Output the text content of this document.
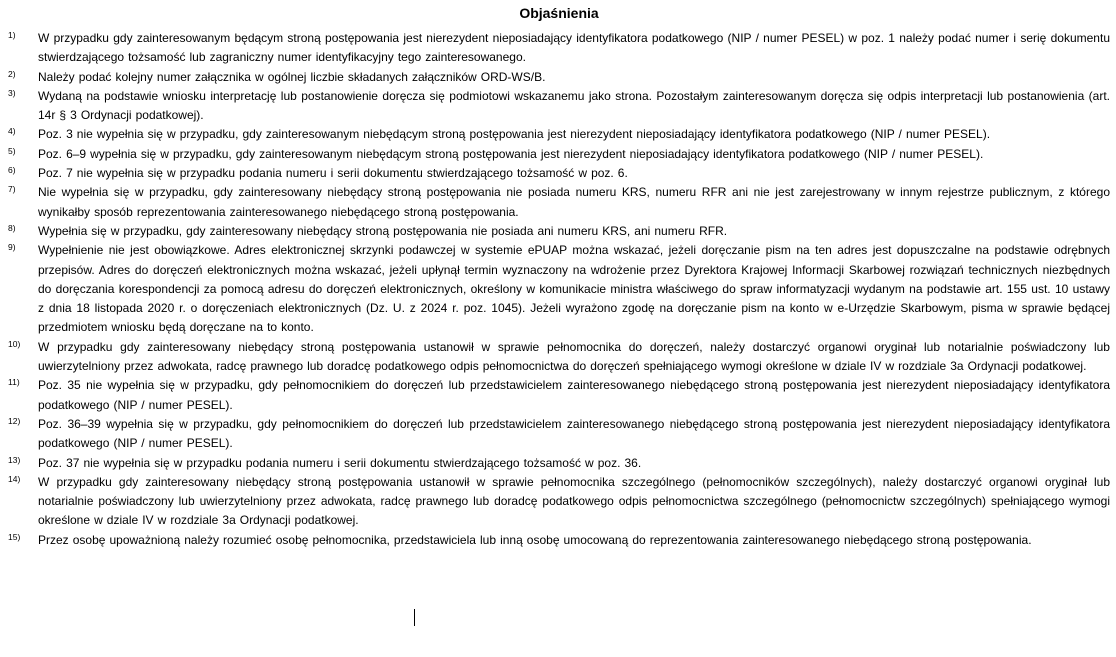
Objaśnienia
1)	W przypadku gdy zainteresowanym będącym stroną postępowania jest nierezydent nieposiadający identyfikatora podatkowego (NIP / numer PESEL) w poz. 1 należy podać numer i serię dokumentu stwierdzającego tożsamość lub zagraniczny numer identyfikacyjny tego zainteresowanego.
2)	Należy podać kolejny numer załącznika w ogólnej liczbie składanych załączników ORD-WS/B.
3)	Wydaną na podstawie wniosku interpretację lub postanowienie doręcza się podmiotowi wskazanemu jako strona. Pozostałym zainteresowanym doręcza się odpis interpretacji lub postanowienia (art. 14r § 3 Ordynacji podatkowej).
4)	Poz. 3 nie wypełnia się w przypadku, gdy zainteresowanym niebędącym stroną postępowania jest nierezydent nieposiadający identyfikatora podatkowego (NIP / numer PESEL).
5)	Poz. 6–9 wypełnia się w przypadku, gdy zainteresowanym niebędącym stroną postępowania jest nierezydent nieposiadający identyfikatora podatkowego (NIP / numer PESEL).
6)	Poz. 7 nie wypełnia się w przypadku podania numeru i serii dokumentu stwierdzającego tożsamość w poz. 6.
7)	Nie wypełnia się w przypadku, gdy zainteresowany niebędący stroną postępowania nie posiada numeru KRS, numeru RFR ani nie jest zarejestrowany w innym rejestrze publicznym, z którego wynikałby sposób reprezentowania zainteresowanego niebędącego stroną postępowania.
8)	Wypełnia się w przypadku, gdy zainteresowany niebędący stroną postępowania nie posiada ani numeru KRS, ani numeru RFR.
9)	Wypełnienie nie jest obowiązkowe. Adres elektronicznej skrzynki podawczej w systemie ePUAP można wskazać, jeżeli doręczanie pism na ten adres jest dopuszczalne na podstawie odrębnych przepisów. Adres do doręczeń elektronicznych można wskazać, jeżeli upłynął termin wyznaczony na wdrożenie przez Dyrektora Krajowej Informacji Skarbowej rozwiązań technicznych niezbędnych do doręczania korespondencji za pomocą adresu do doręczeń elektronicznych, określony w komunikacie ministra właściwego do spraw informatyzacji wydanym na podstawie art. 155 ust. 10 ustawy z dnia 18 listopada 2020 r. o doręczeniach elektronicznych (Dz. U. z 2024 r. poz. 1045). Jeżeli wyrażono zgodę na doręczanie pism na konto w e-Urzędzie Skarbowym, pisma w sprawie będącej przedmiotem wniosku będą doręczane na to konto.
10)	W przypadku gdy zainteresowany niebędący stroną postępowania ustanowił w sprawie pełnomocnika do doręczeń, należy dostarczyć organowi oryginał lub notarialnie poświadczony lub uwierzytelniony przez adwokata, radcę prawnego lub doradcę podatkowego odpis pełnomocnictwa do doręczeń spełniającego wymogi określone w dziale IV w rozdziale 3a Ordynacji podatkowej.
11)	Poz. 35 nie wypełnia się w przypadku, gdy pełnomocnikiem do doręczeń lub przedstawicielem zainteresowanego niebędącego stroną postępowania jest nierezydent nieposiadający identyfikatora podatkowego (NIP / numer PESEL).
12)	Poz. 36–39 wypełnia się w przypadku, gdy pełnomocnikiem do doręczeń lub przedstawicielem zainteresowanego niebędącego stroną postępowania jest nierezydent nieposiadający identyfikatora podatkowego (NIP / numer PESEL).
13)	Poz. 37 nie wypełnia się w przypadku podania numeru i serii dokumentu stwierdzającego tożsamość w poz. 36.
14)	W przypadku gdy zainteresowany niebędący stroną postępowania ustanowił w sprawie pełnomocnika szczególnego (pełnomocników szczególnych), należy dostarczyć organowi oryginał lub notarialnie poświadczony lub uwierzytelniony przez adwokata, radcę prawnego lub doradcę podatkowego odpis pełnomocnictwa szczególnego (pełnomocnictw szczególnych) spełniającego wymogi określone w dziale IV w rozdziale 3a Ordynacji podatkowej.
15)	Przez osobę upoważnioną należy rozumieć osobę pełnomocnika, przedstawiciela lub inną osobę umocowaną do reprezentowania zainteresowanego niebędącego stroną postępowania.
